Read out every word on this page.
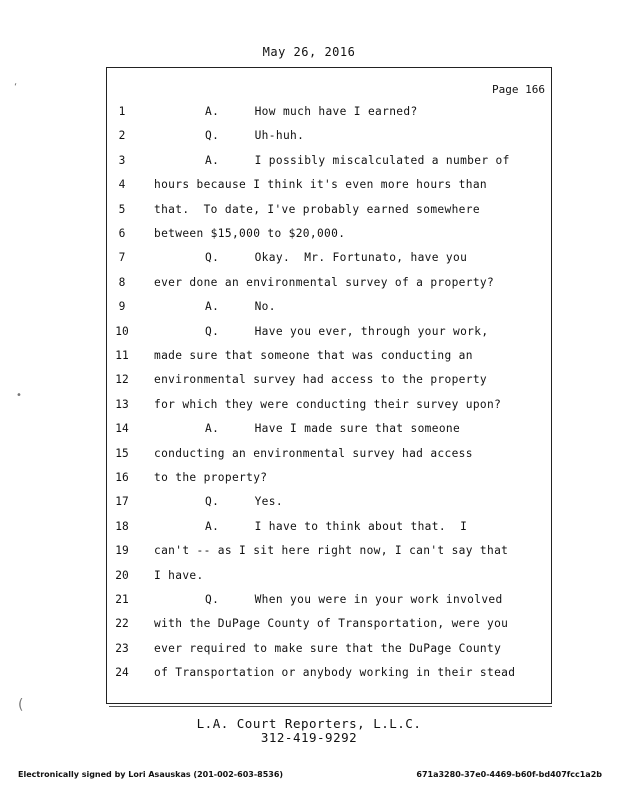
May 26, 2016
Page 166
1	A.     How much have I earned?
2	Q.     Uh-huh.
3	A.     I possibly miscalculated a number of
4	hours because I think it's even more hours than
5	that.  To date, I've probably earned somewhere
6	between $15,000 to $20,000.
7	Q.     Okay.  Mr. Fortunato, have you
8	ever done an environmental survey of a property?
9	A.     No.
10	Q.     Have you ever, through your work,
11	made sure that someone that was conducting an
12	environmental survey had access to the property
13	for which they were conducting their survey upon?
14	A.     Have I made sure that someone
15	conducting an environmental survey had access
16	to the property?
17	Q.     Yes.
18	A.     I have to think about that.  I
19	can't -- as I sit here right now, I can't say that
20	I have.
21	Q.     When you were in your work involved
22	with the DuPage County of Transportation, were you
23	ever required to make sure that the DuPage County
24	of Transportation or anybody working in their stead
‘
•
(
L.A. Court Reporters, L.L.C.
312-419-9292
Electronically signed by Lori Asauskas (201-002-603-8536)	671a3280-37e0-4469-b60f-bd407fcc1a2b
